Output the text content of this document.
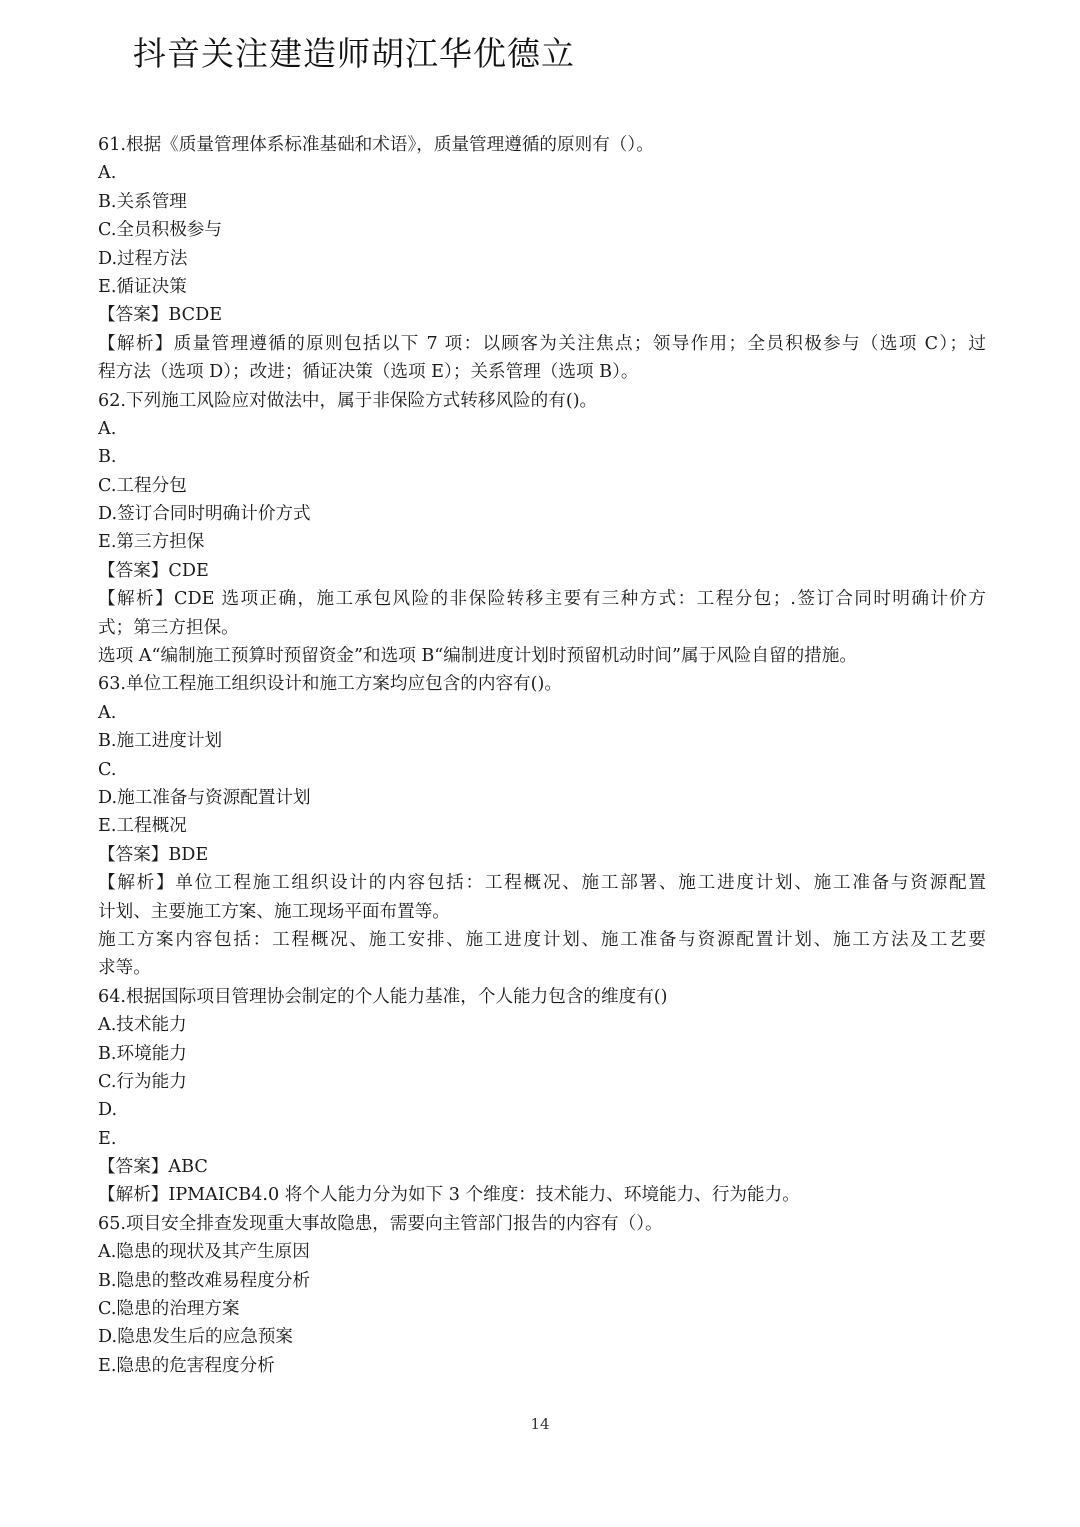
抖音关注建造师胡江华优德立
61.根据《质量管理体系标准基础和术语》，质量管理遵循的原则有（）。
A.
B.关系管理
C.全员积极参与
D.过程方法
E.循证决策
【答案】BCDE
【解析】质量管理遵循的原则包括以下 7 项：以顾客为关注焦点；领导作用；全员积极参与（选项 C）；过
程方法（选项 D）；改进；循证决策（选项 E）；关系管理（选项 B）。
62.下列施工风险应对做法中，属于非保险方式转移风险的有()。
A.
B.
C.工程分包
D.签订合同时明确计价方式
E.第三方担保
【答案】CDE
【解析】CDE 选项正确，施工承包风险的非保险转移主要有三种方式：工程分包；.签订合同时明确计价方
式；第三方担保。
选项 A“编制施工预算时预留资金”和选项 B“编制进度计划时预留机动时间”属于风险自留的措施。
63.单位工程施工组织设计和施工方案均应包含的内容有()。
A.
B.施工进度计划
C.
D.施工准备与资源配置计划
E.工程概况
【答案】BDE
【解析】单位工程施工组织设计的内容包括：工程概况、施工部署、施工进度计划、施工准备与资源配置
计划、主要施工方案、施工现场平面布置等。
施工方案内容包括：工程概况、施工安排、施工进度计划、施工准备与资源配置计划、施工方法及工艺要
求等。
64.根据国际项目管理协会制定的个人能力基准，个人能力包含的维度有()
A.技术能力
B.环境能力
C.行为能力
D.
E.
【答案】ABC
【解析】IPMAICB4.0 将个人能力分为如下 3 个维度：技术能力、环境能力、行为能力。
65.项目安全排查发现重大事故隐患，需要向主管部门报告的内容有（）。
A.隐患的现状及其产生原因
B.隐患的整改难易程度分析
C.隐患的治理方案
D.隐患发生后的应急预案
E.隐患的危害程度分析
14
